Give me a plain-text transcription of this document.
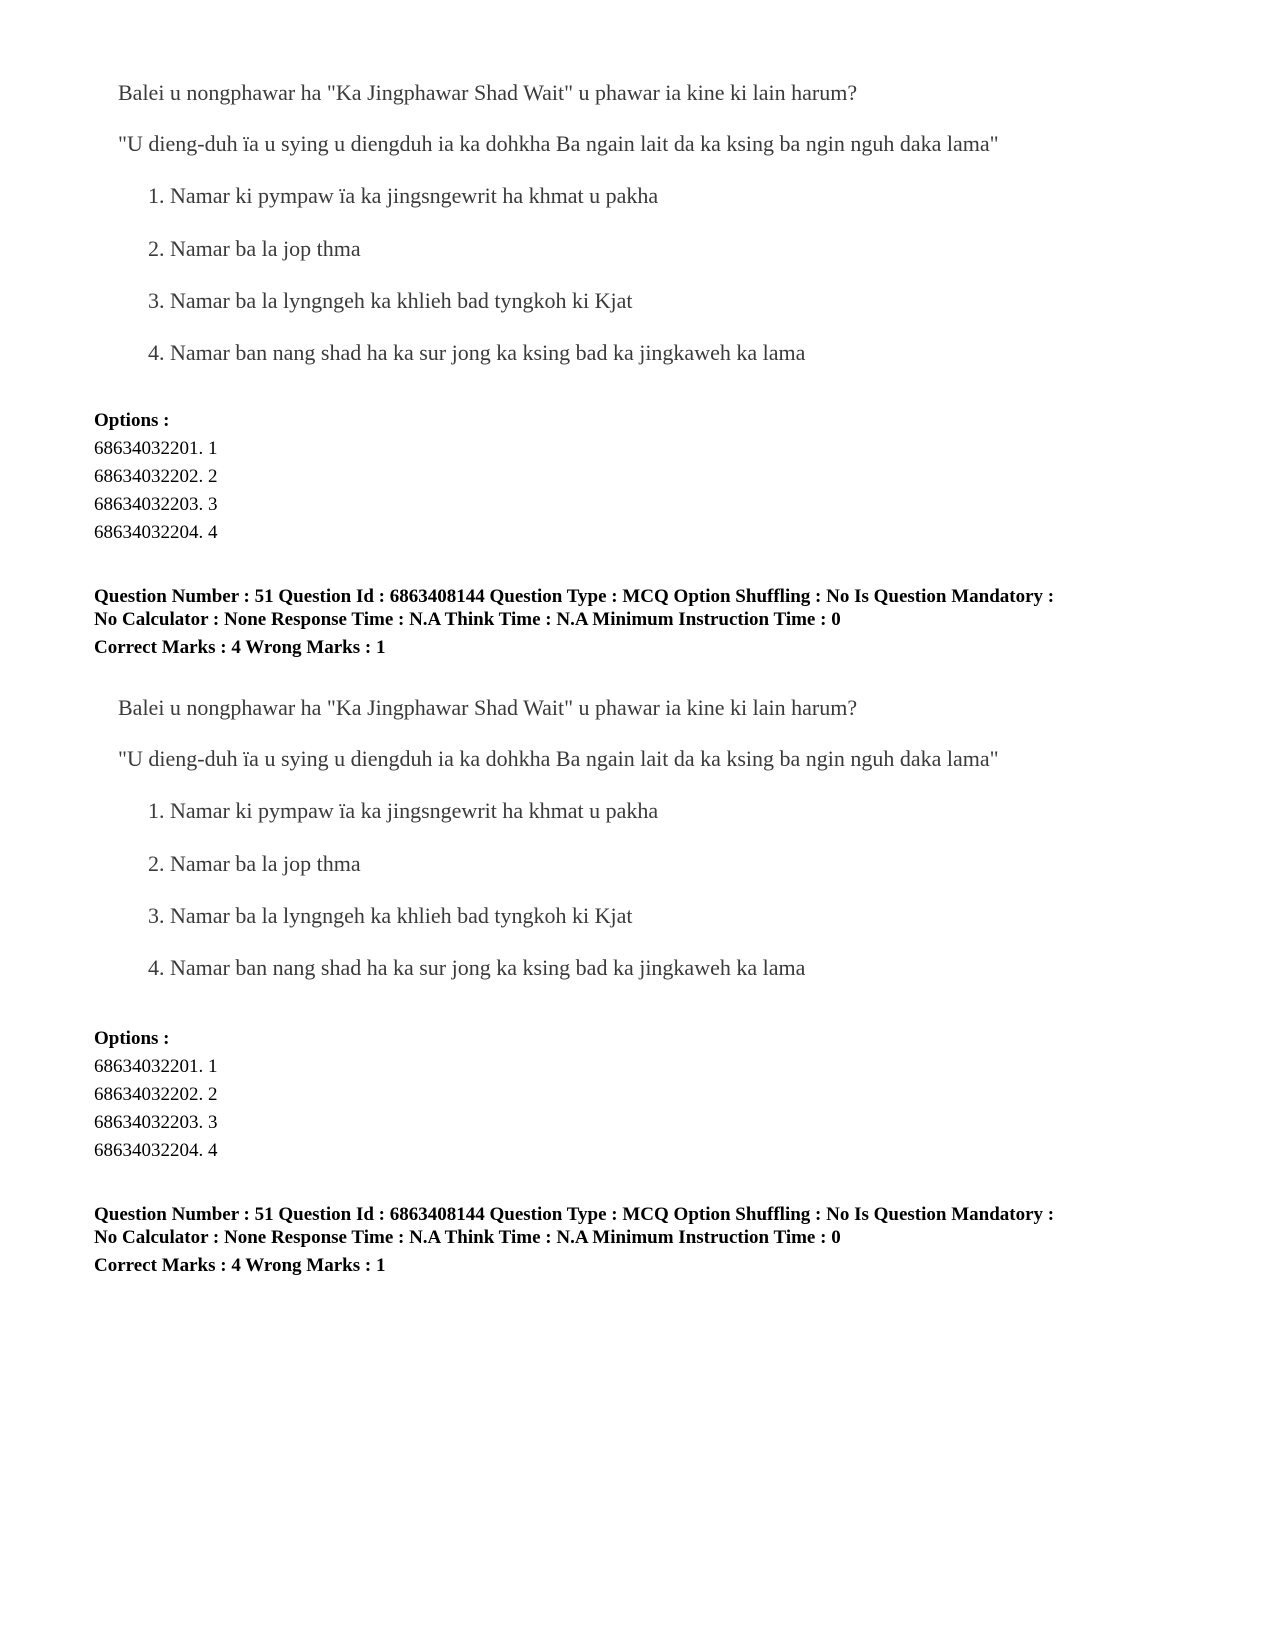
Balei u nongphawar ha "Ka Jingphawar Shad Wait" u phawar ia kine ki lain harum?
"U dieng-duh ïa u sying u diengduh ia ka dohkha Ba ngain lait da ka ksing ba ngin nguh daka lama"
1. Namar ki pympaw ïa ka jingsngewrit ha khmat u pakha
2. Namar ba la jop thma
3. Namar ba la lyngngeh ka khlieh bad tyngkoh ki Kjat
4. Namar ban nang shad ha ka sur jong ka ksing bad ka jingkaweh ka lama
Options :
68634032201. 1
68634032202. 2
68634032203. 3
68634032204. 4
Question Number : 51 Question Id : 6863408144 Question Type : MCQ Option Shuffling : No Is Question Mandatory :
No Calculator : None Response Time : N.A Think Time : N.A Minimum Instruction Time : 0
Correct Marks : 4 Wrong Marks : 1
Balei u nongphawar ha "Ka Jingphawar Shad Wait" u phawar ia kine ki lain harum?
"U dieng-duh ïa u sying u diengduh ia ka dohkha Ba ngain lait da ka ksing ba ngin nguh daka lama"
1. Namar ki pympaw ïa ka jingsngewrit ha khmat u pakha
2. Namar ba la jop thma
3. Namar ba la lyngngeh ka khlieh bad tyngkoh ki Kjat
4. Namar ban nang shad ha ka sur jong ka ksing bad ka jingkaweh ka lama
Options :
68634032201. 1
68634032202. 2
68634032203. 3
68634032204. 4
Question Number : 51 Question Id : 6863408144 Question Type : MCQ Option Shuffling : No Is Question Mandatory :
No Calculator : None Response Time : N.A Think Time : N.A Minimum Instruction Time : 0
Correct Marks : 4 Wrong Marks : 1
